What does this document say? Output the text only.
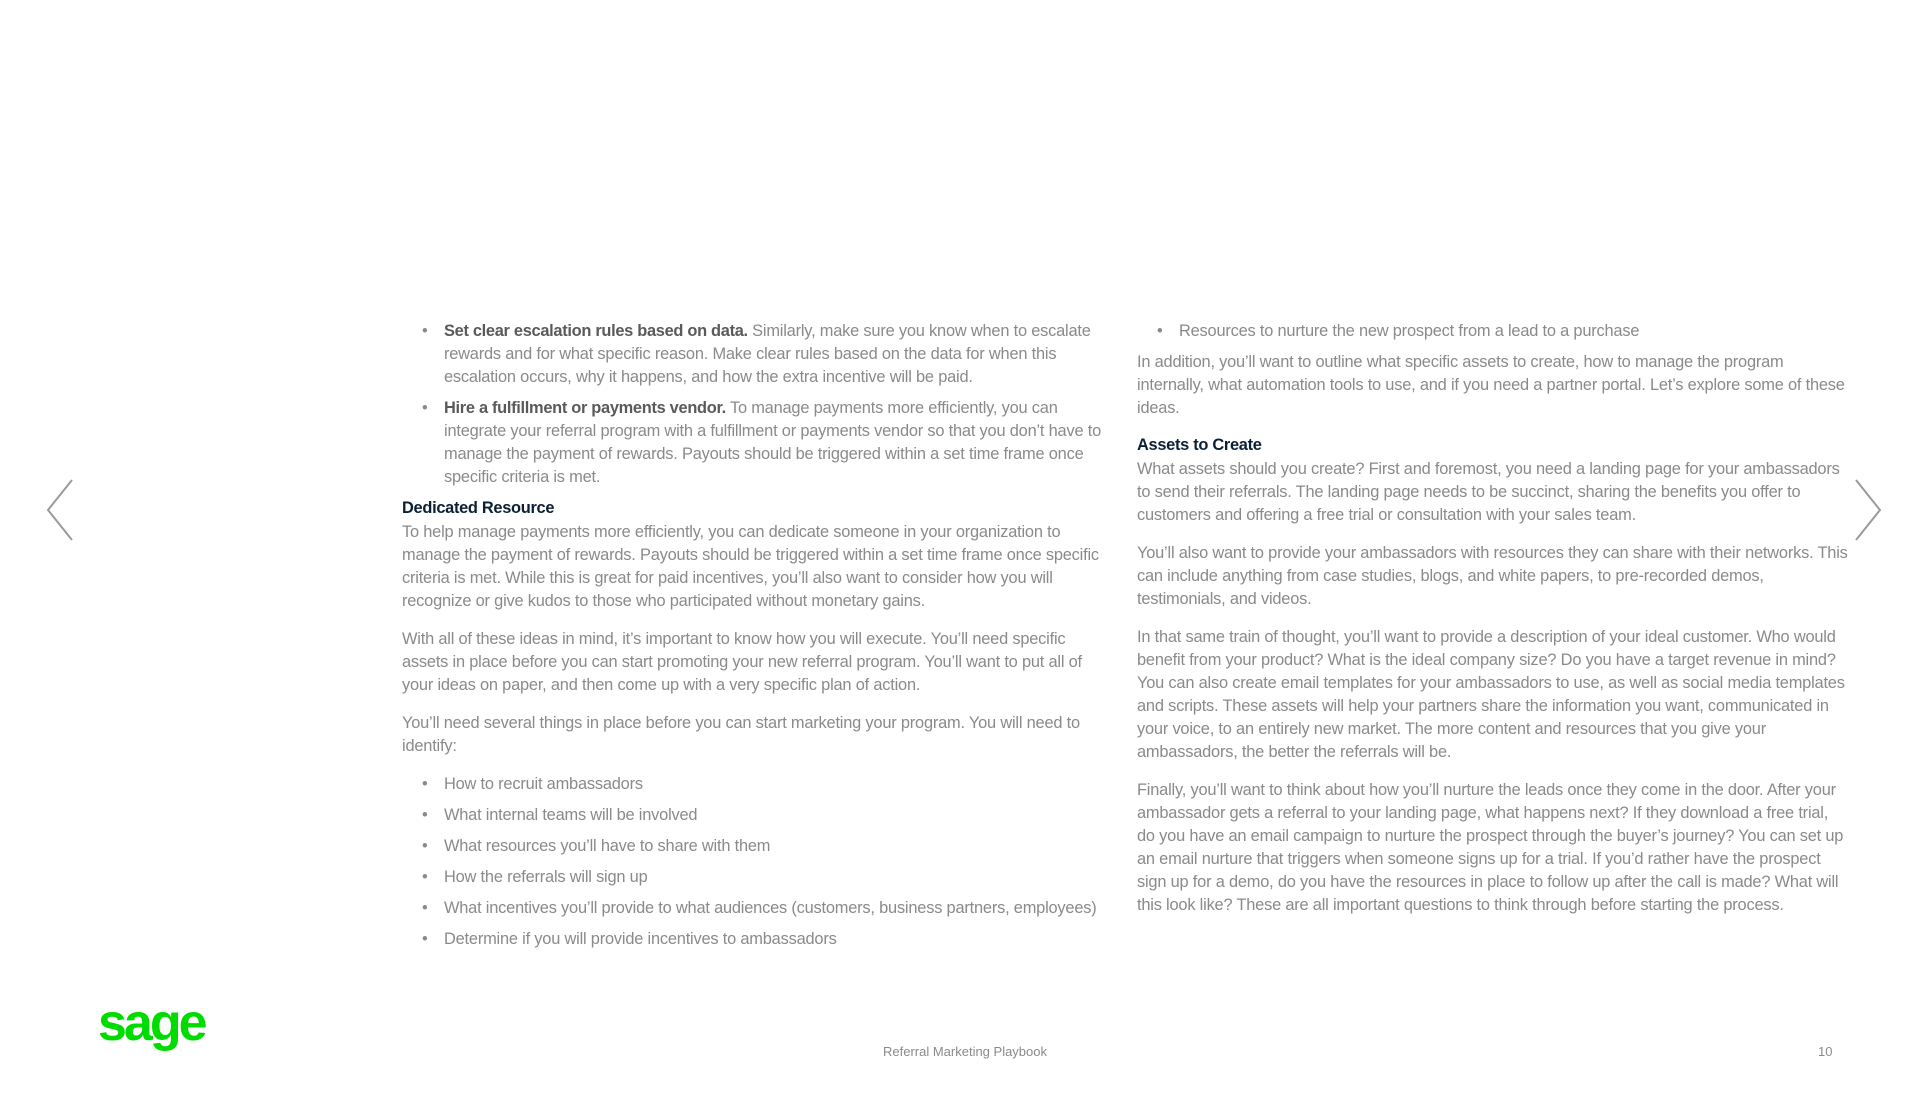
• Set clear escalation rules based on data. Similarly, make sure you know when to escalate rewards and for what specific reason. Make clear rules based on the data for when this escalation occurs, why it happens, and how the extra incentive will be paid.
• Hire a fulfillment or payments vendor. To manage payments more efficiently, you can integrate your referral program with a fulfillment or payments vendor so that you don’t have to manage the payment of rewards. Payouts should be triggered within a set time frame once specific criteria is met.
Dedicated Resource

To help manage payments more efficiently, you can dedicate someone in your organization to manage the payment of rewards. Payouts should be triggered within a set time frame once specific criteria is met. While this is great for paid incentives, you’ll also want to consider how you will recognize or give kudos to those who participated without monetary gains.

With all of these ideas in mind, it’s important to know how you will execute. You’ll need specific assets in place before you can start promoting your new referral program. You’ll want to put all of your ideas on paper, and then come up with a very specific plan of action.

You’ll need several things in place before you can start marketing your program. You will need to identify:

• How to recruit ambassadors
• What internal teams will be involved
• What resources you’ll have to share with them
• How the referrals will sign up
• What incentives you’ll provide to what audiences (customers, business partners, employees)
• Determine if you will provide incentives to ambassadors
• Resources to nurture the new prospect from a lead to a purchase

In addition, you’ll want to outline what specific assets to create, how to manage the program internally, what automation tools to use, and if you need a partner portal. Let’s explore some of these ideas.

Assets to Create

What assets should you create? First and foremost, you need a landing page for your ambassadors to send their referrals. The landing page needs to be succinct, sharing the benefits you offer to customers and offering a free trial or consultation with your sales team.

You’ll also want to provide your ambassadors with resources they can share with their networks. This can include anything from case studies, blogs, and white papers, to pre-recorded demos, testimonials, and videos.

In that same train of thought, you’ll want to provide a description of your ideal customer. Who would benefit from your product? What is the ideal company size? Do you have a target revenue in mind? You can also create email templates for your ambassadors to use, as well as social media templates and scripts. These assets will help your partners share the information you want, communicated in your voice, to an entirely new market. The more content and resources that you give your ambassadors, the better the referrals will be.

Finally, you’ll want to think about how you’ll nurture the leads once they come in the door. After your ambassador gets a referral to your landing page, what happens next? If they download a free trial, do you have an email campaign to nurture the prospect through the buyer’s journey? You can set up an email nurture that triggers when someone signs up for a trial. If you’d rather have the prospect sign up for a demo, do you have the resources in place to follow up after the call is made? What will this look like? These are all important questions to think through before starting the process.

sage	Referral Marketing Playbook	10
